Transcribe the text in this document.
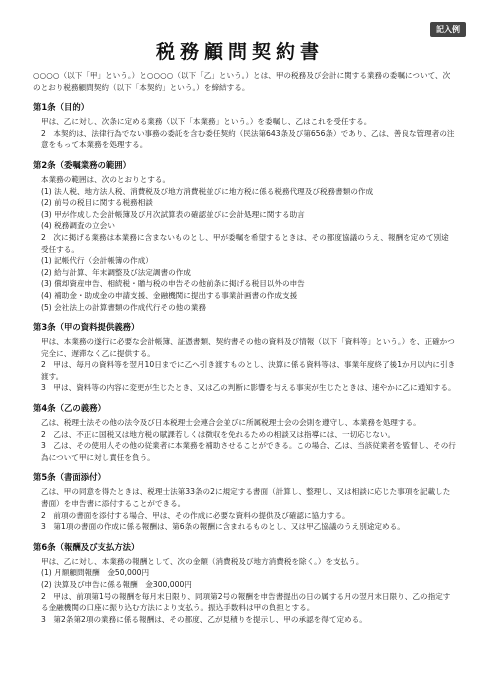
記入例
税務顧問契約書

○○○○（以下「甲」という。）と○○○○（以下「乙」という。）とは、甲の税務及び会計に関する業務の委嘱について、次のとおり税務顧問契約（以下「本契約」という。）を締結する。

第1条（目的）

甲は、乙に対し、次条に定める業務（以下「本業務」という。）を委嘱し、乙はこれを受任する。

2　本契約は、法律行為でない事務の委託を含む委任契約（民法第643条及び第656条）であり、乙は、善良な管理者の注意をもって本業務を処理する。

第2条（委嘱業務の範囲）

本業務の範囲は、次のとおりとする。

(1) 法人税、地方法人税、消費税及び地方消費税並びに地方税に係る税務代理及び税務書類の作成

(2) 前号の税目に関する税務相談

(3) 甲が作成した会計帳簿及び月次試算表の確認並びに会計処理に関する助言

(4) 税務調査の立会い

2　次に掲げる業務は本業務に含まないものとし、甲が委嘱を希望するときは、その都度協議のうえ、報酬を定めて別途受任する。

(1) 記帳代行（会計帳簿の作成）

(2) 給与計算、年末調整及び法定調書の作成

(3) 償却資産申告、相続税・贈与税の申告その他前条に掲げる税目以外の申告

(4) 補助金・助成金の申請支援、金融機関に提出する事業計画書の作成支援

(5) 会社法上の計算書類の作成代行その他の業務

第3条（甲の資料提供義務）

甲は、本業務の遂行に必要な会計帳簿、証憑書類、契約書その他の資料及び情報（以下「資料等」という。）を、正確かつ完全に、遅滞なく乙に提供する。

2　甲は、毎月の資料等を翌月10日までに乙へ引き渡すものとし、決算に係る資料等は、事業年度終了後1か月以内に引き渡す。

3　甲は、資料等の内容に変更が生じたとき、又は乙の判断に影響を与える事実が生じたときは、速やかに乙に通知する。

第4条（乙の義務）

乙は、税理士法その他の法令及び日本税理士会連合会並びに所属税理士会の会則を遵守し、本業務を処理する。

2　乙は、不正に国税又は地方税の賦課若しくは徴収を免れるための相談又は指導には、一切応じない。

3　乙は、その使用人その他の従業者に本業務を補助させることができる。この場合、乙は、当該従業者を監督し、その行為について甲に対し責任を負う。

第5条（書面添付）

乙は、甲の同意を得たときは、税理士法第33条の2に規定する書面（計算し、整理し、又は相談に応じた事項を記載した書面）を申告書に添付することができる。

2　前項の書面を添付する場合、甲は、その作成に必要な資料の提供及び確認に協力する。

3　第1項の書面の作成に係る報酬は、第6条の報酬に含まれるものとし、又は甲乙協議のうえ別途定める。

第6条（報酬及び支払方法）

甲は、乙に対し、本業務の報酬として、次の金額（消費税及び地方消費税を除く。）を支払う。

(1) 月額顧問報酬　金50,000円

(2) 決算及び申告に係る報酬　金300,000円

2　甲は、前項第1号の報酬を毎月末日限り、同項第2号の報酬を申告書提出の日の属する月の翌月末日限り、乙の指定する金融機関の口座に振り込む方法により支払う。振込手数料は甲の負担とする。

3　第2条第2項の業務に係る報酬は、その都度、乙が見積りを提示し、甲の承認を得て定める。
